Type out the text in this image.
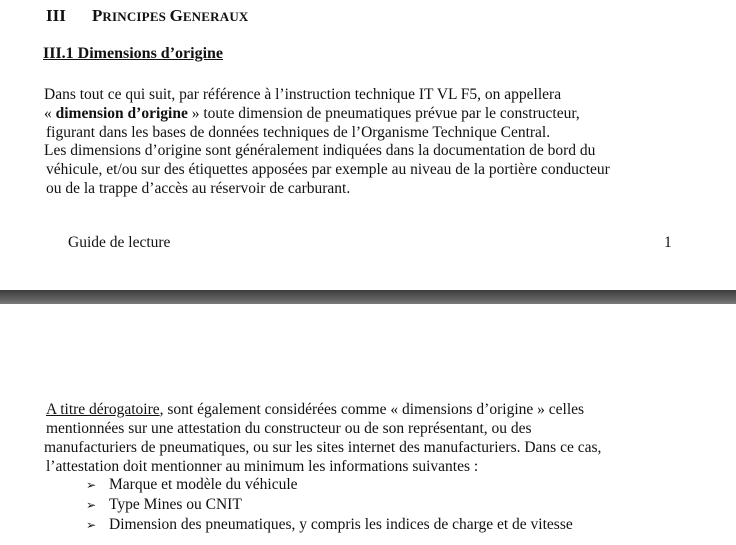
III PRINCIPES GENERAUX
III.1 Dimensions d’origine
Dans tout ce qui suit, par référence à l’instruction technique IT VL F5, on appellera
« dimension d’origine » toute dimension de pneumatiques prévue par le constructeur,
figurant dans les bases de données techniques de l’Organisme Technique Central.
Les dimensions d’origine sont généralement indiquées dans la documentation de bord du
véhicule, et/ou sur des étiquettes apposées par exemple au niveau de la portière conducteur
ou de la trappe d’accès au réservoir de carburant.
Guide de lecture	1
A titre dérogatoire, sont également considérées comme « dimensions d’origine » celles
mentionnées sur une attestation du constructeur ou de son représentant, ou des
manufacturiers de pneumatiques, ou sur les sites internet des manufacturiers. Dans ce cas,
l’attestation doit mentionner au minimum les informations suivantes :
➢ Marque et modèle du véhicule
➢ Type Mines ou CNIT
➢ Dimension des pneumatiques, y compris les indices de charge et de vitesse
